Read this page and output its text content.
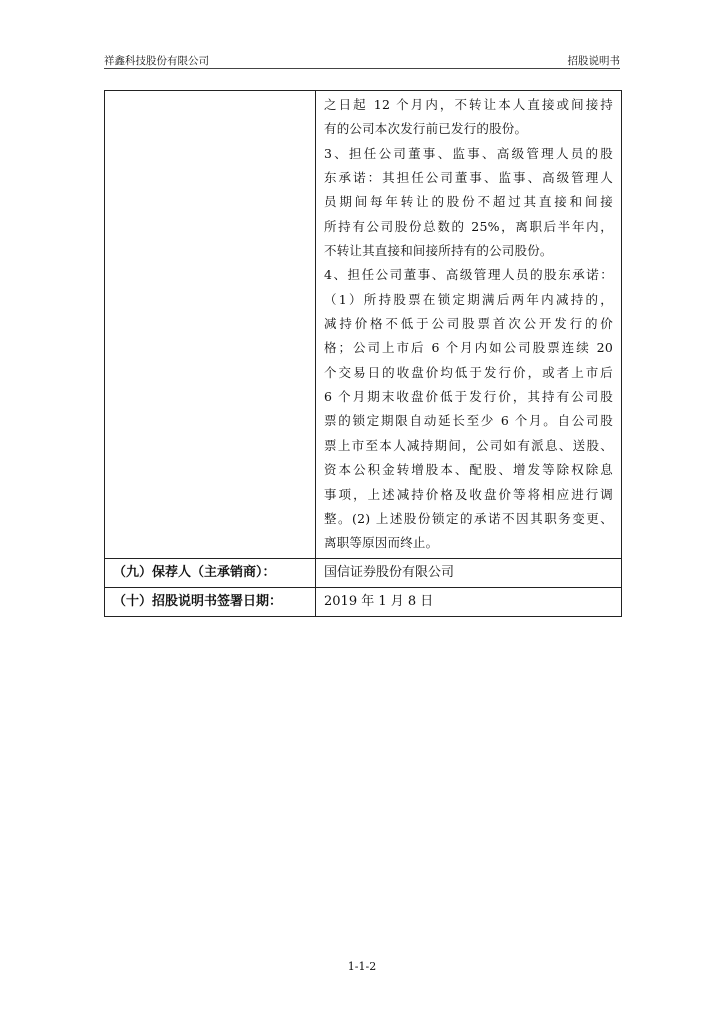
祥鑫科技股份有限公司	招股说明书
之日起 12 个月内，不转让本人直接或间接持
有的公司本次发行前已发行的股份。
3、担任公司董事、监事、高级管理人员的股
东承诺：其担任公司董事、监事、高级管理人
员期间每年转让的股份不超过其直接和间接
所持有公司股份总数的 25%，离职后半年内，
不转让其直接和间接所持有的公司股份。
4、担任公司董事、高级管理人员的股东承诺：
（1）所持股票在锁定期满后两年内减持的，
减持价格不低于公司股票首次公开发行的价
格；公司上市后 6 个月内如公司股票连续 20
个交易日的收盘价均低于发行价，或者上市后
6 个月期末收盘价低于发行价，其持有公司股
票的锁定期限自动延长至少 6 个月。自公司股
票上市至本人减持期间，公司如有派息、送股、
资本公积金转增股本、配股、增发等除权除息
事项，上述减持价格及收盘价等将相应进行调
整。(2) 上述股份锁定的承诺不因其职务变更、
离职等原因而终止。
（九）保荐人（主承销商）：	国信证券股份有限公司
（十）招股说明书签署日期：	2019 年 1 月 8 日
1-1-2
